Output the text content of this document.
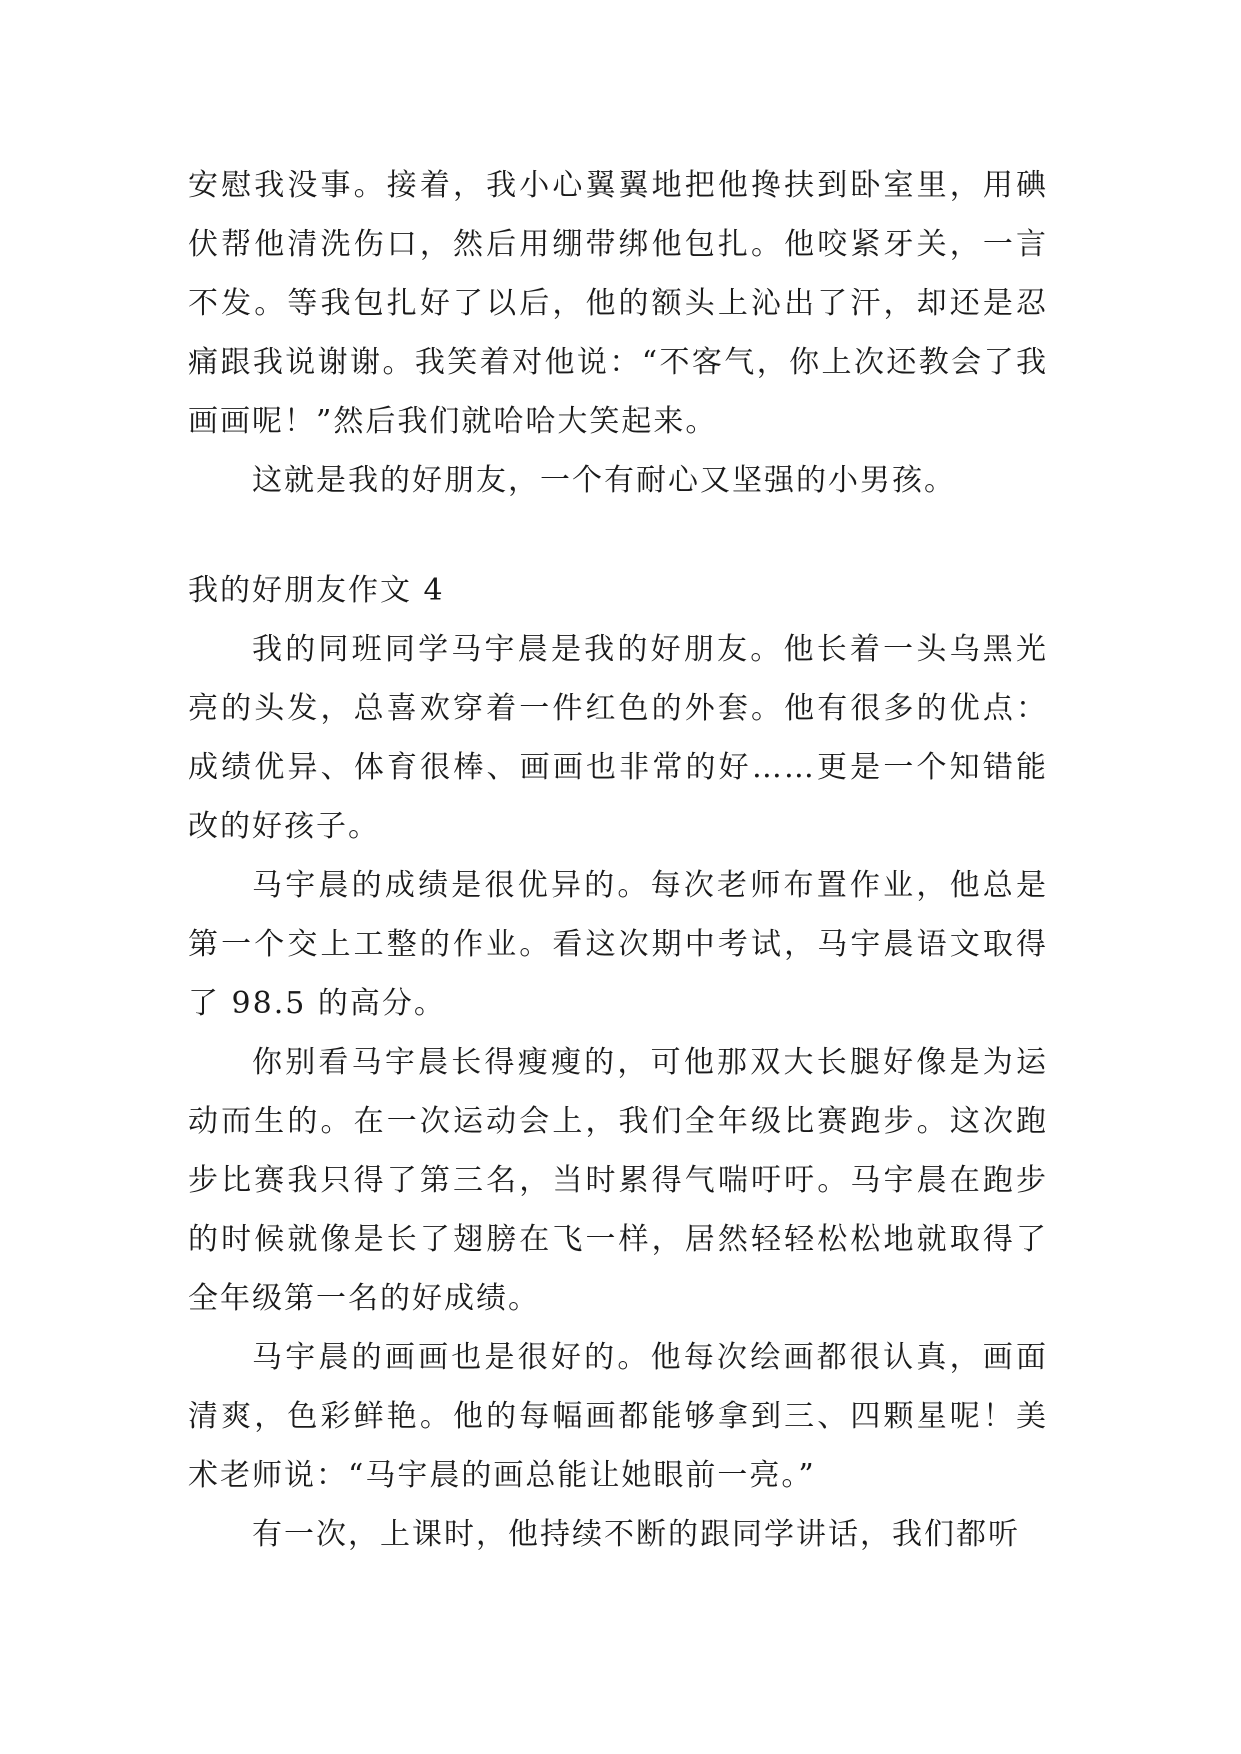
安慰我没事。接着，我小心翼翼地把他搀扶到卧室里，用碘伏帮他清洗伤口，然后用绷带绑他包扎。他咬紧牙关，一言不发。等我包扎好了以后，他的额头上沁出了汗，却还是忍痛跟我说谢谢。我笑着对他说：“不客气，你上次还教会了我画画呢！”然后我们就哈哈大笑起来。

这就是我的好朋友，一个有耐心又坚强的小男孩。

我的好朋友作文 4

我的同班同学马宇晨是我的好朋友。他长着一头乌黑光亮的头发，总喜欢穿着一件红色的外套。他有很多的优点：成绩优异、体育很棒、画画也非常的好……更是一个知错能改的好孩子。

马宇晨的成绩是很优异的。每次老师布置作业，他总是第一个交上工整的作业。看这次期中考试，马宇晨语文取得了 98.5 的高分。

你别看马宇晨长得瘦瘦的，可他那双大长腿好像是为运动而生的。在一次运动会上，我们全年级比赛跑步。这次跑步比赛我只得了第三名，当时累得气喘吁吁。马宇晨在跑步的时候就像是长了翅膀在飞一样，居然轻轻松松地就取得了全年级第一名的好成绩。

马宇晨的画画也是很好的。他每次绘画都很认真，画面清爽，色彩鲜艳。他的每幅画都能够拿到三、四颗星呢！美术老师说：“马宇晨的画总能让她眼前一亮。”

有一次，上课时，他持续不断的跟同学讲话，我们都听
